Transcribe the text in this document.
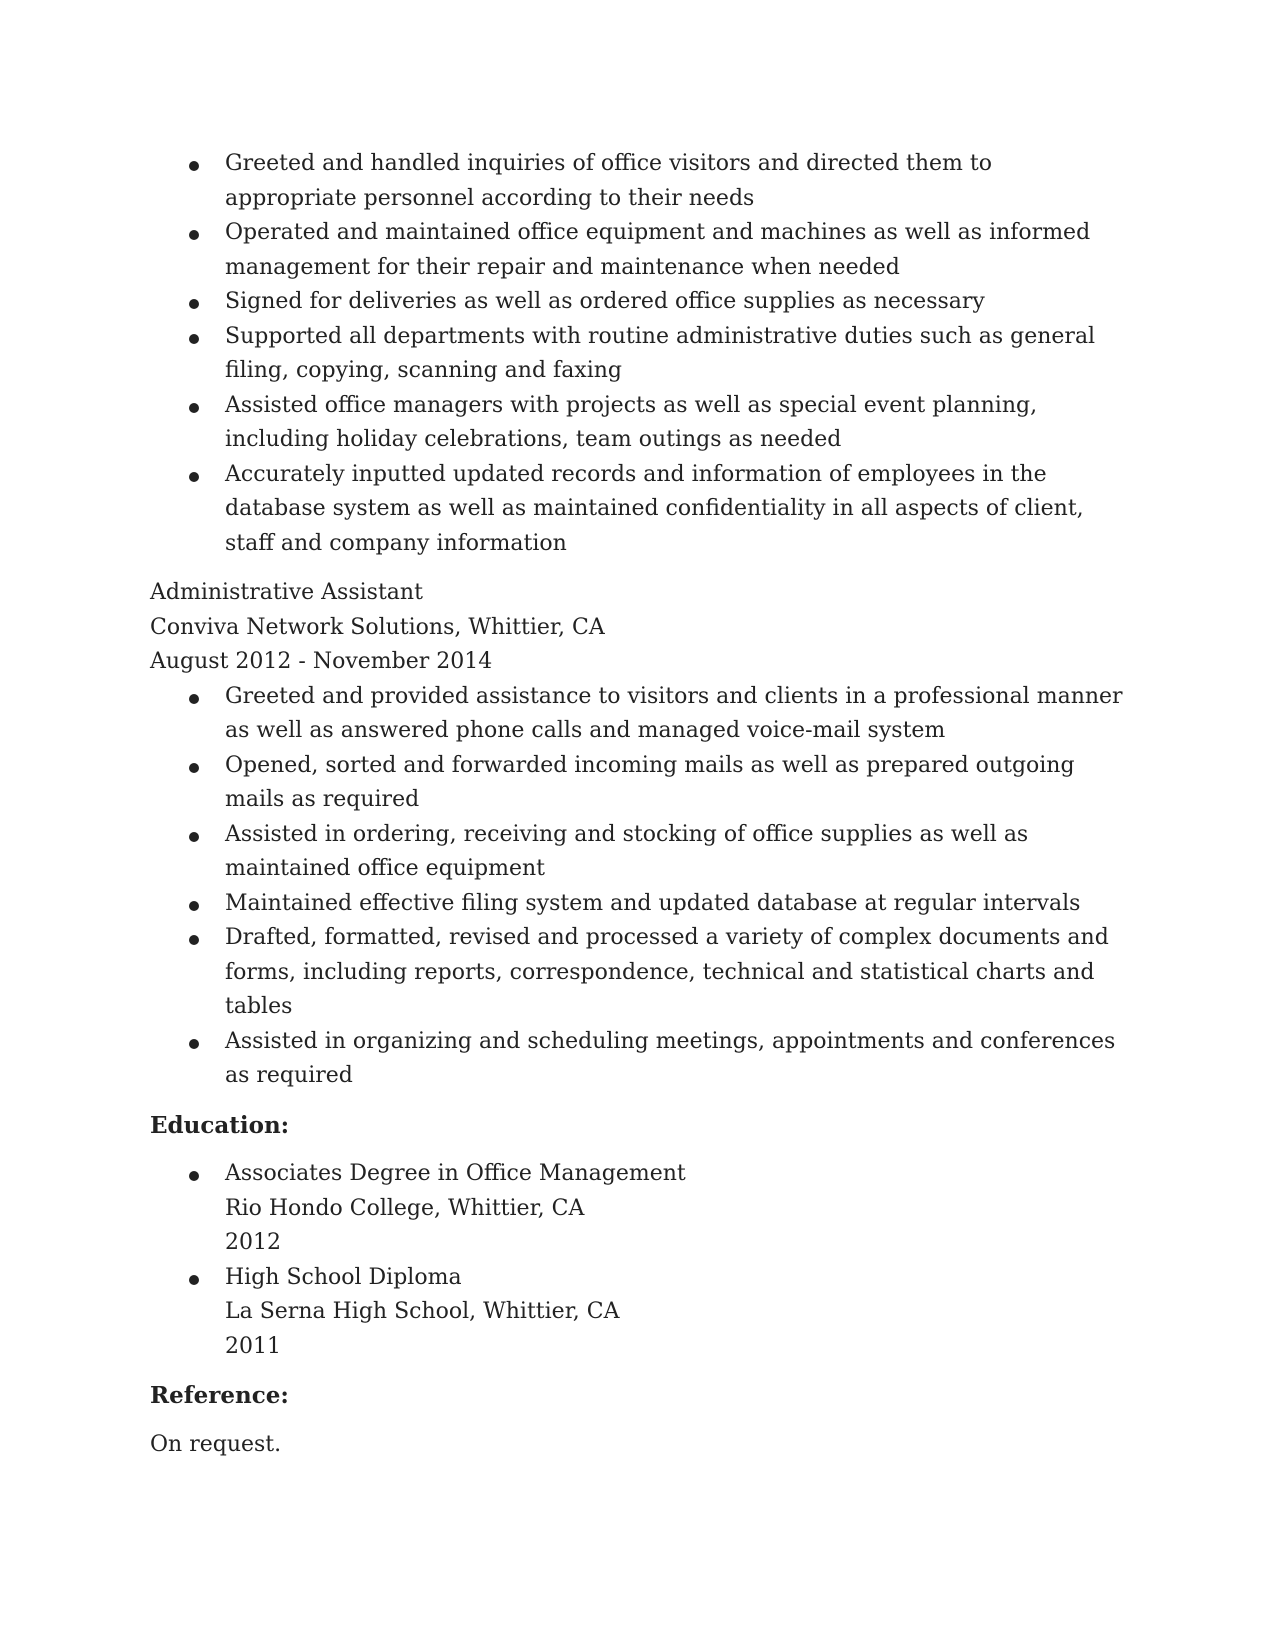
Greeted and handled inquiries of office visitors and directed them to appropriate personnel according to their needs
Operated and maintained office equipment and machines as well as informed management for their repair and maintenance when needed
Signed for deliveries as well as ordered office supplies as necessary
Supported all departments with routine administrative duties such as general filing, copying, scanning and faxing
Assisted office managers with projects as well as special event planning, including holiday celebrations, team outings as needed
Accurately inputted updated records and information of employees in the database system as well as maintained confidentiality in all aspects of client, staff and company information

Administrative Assistant

Conviva Network Solutions, Whittier, CA

August 2012 - November 2014

Greeted and provided assistance to visitors and clients in a professional manner as well as answered phone calls and managed voice-mail system
Opened, sorted and forwarded incoming mails as well as prepared outgoing mails as required
Assisted in ordering, receiving and stocking of office supplies as well as maintained office equipment
Maintained effective filing system and updated database at regular intervals
Drafted, formatted, revised and processed a variety of complex documents and forms, including reports, correspondence, technical and statistical charts and tables
Assisted in organizing and scheduling meetings, appointments and conferences as required
Education:
Associates Degree in Office Management
Rio Hondo College, Whittier, CA
2012
High School Diploma
La Serna High School, Whittier, CA
2011
Reference:

On request.
